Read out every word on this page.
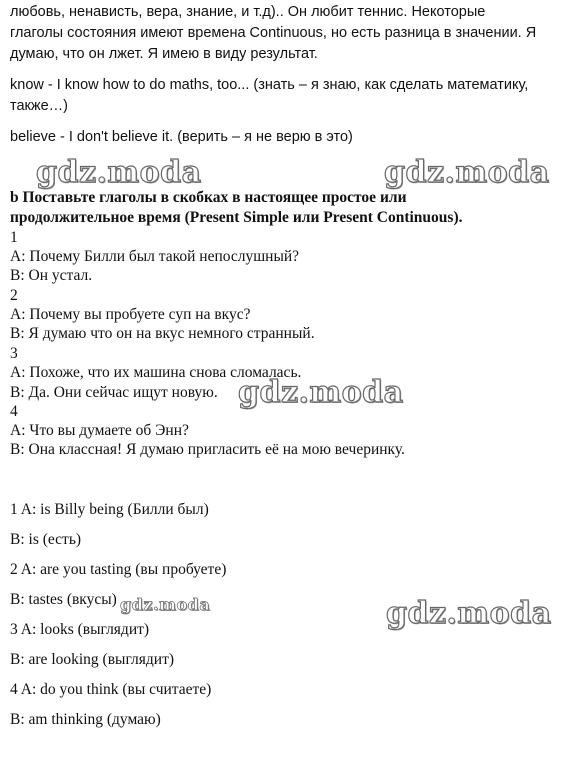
любовь, ненависть, вера, знание, и т.д).. Он любит теннис. Некоторые
глаголы состояния имеют времена Continuous, но есть разница в значении. Я
думаю, что он лжет. Я имею в виду результат.
know - I know how to do maths, too... (знать – я знаю, как сделать математику,
также…)
believe - I don't believe it. (верить – я не верю в это)
b Поставьте глаголы в скобках в настоящее простое или
продолжительное время (Present Simple или Present Continuous).
1
A: Почему Билли был такой непослушный?
B: Он устал.
2
A: Почему вы пробуете суп на вкус?
B: Я думаю что он на вкус немного странный.
3
A: Похоже, что их машина снова сломалась.
B: Да. Они сейчас ищут новую.
4
A: Что вы думаете об Энн?
B: Она классная! Я думаю пригласить её на мою вечеринку.
1 A: is Billy being (Билли был)
B: is (есть)
2 A: are you tasting (вы пробуете)
B: tastes (вкусы)
3 A: looks (выглядит)
B: are looking (выглядит)
4 A: do you think (вы считаете)
B: am thinking (думаю)
gdz.moda	gdz.moda
gdz.moda
gdz.moda	gdz.moda
